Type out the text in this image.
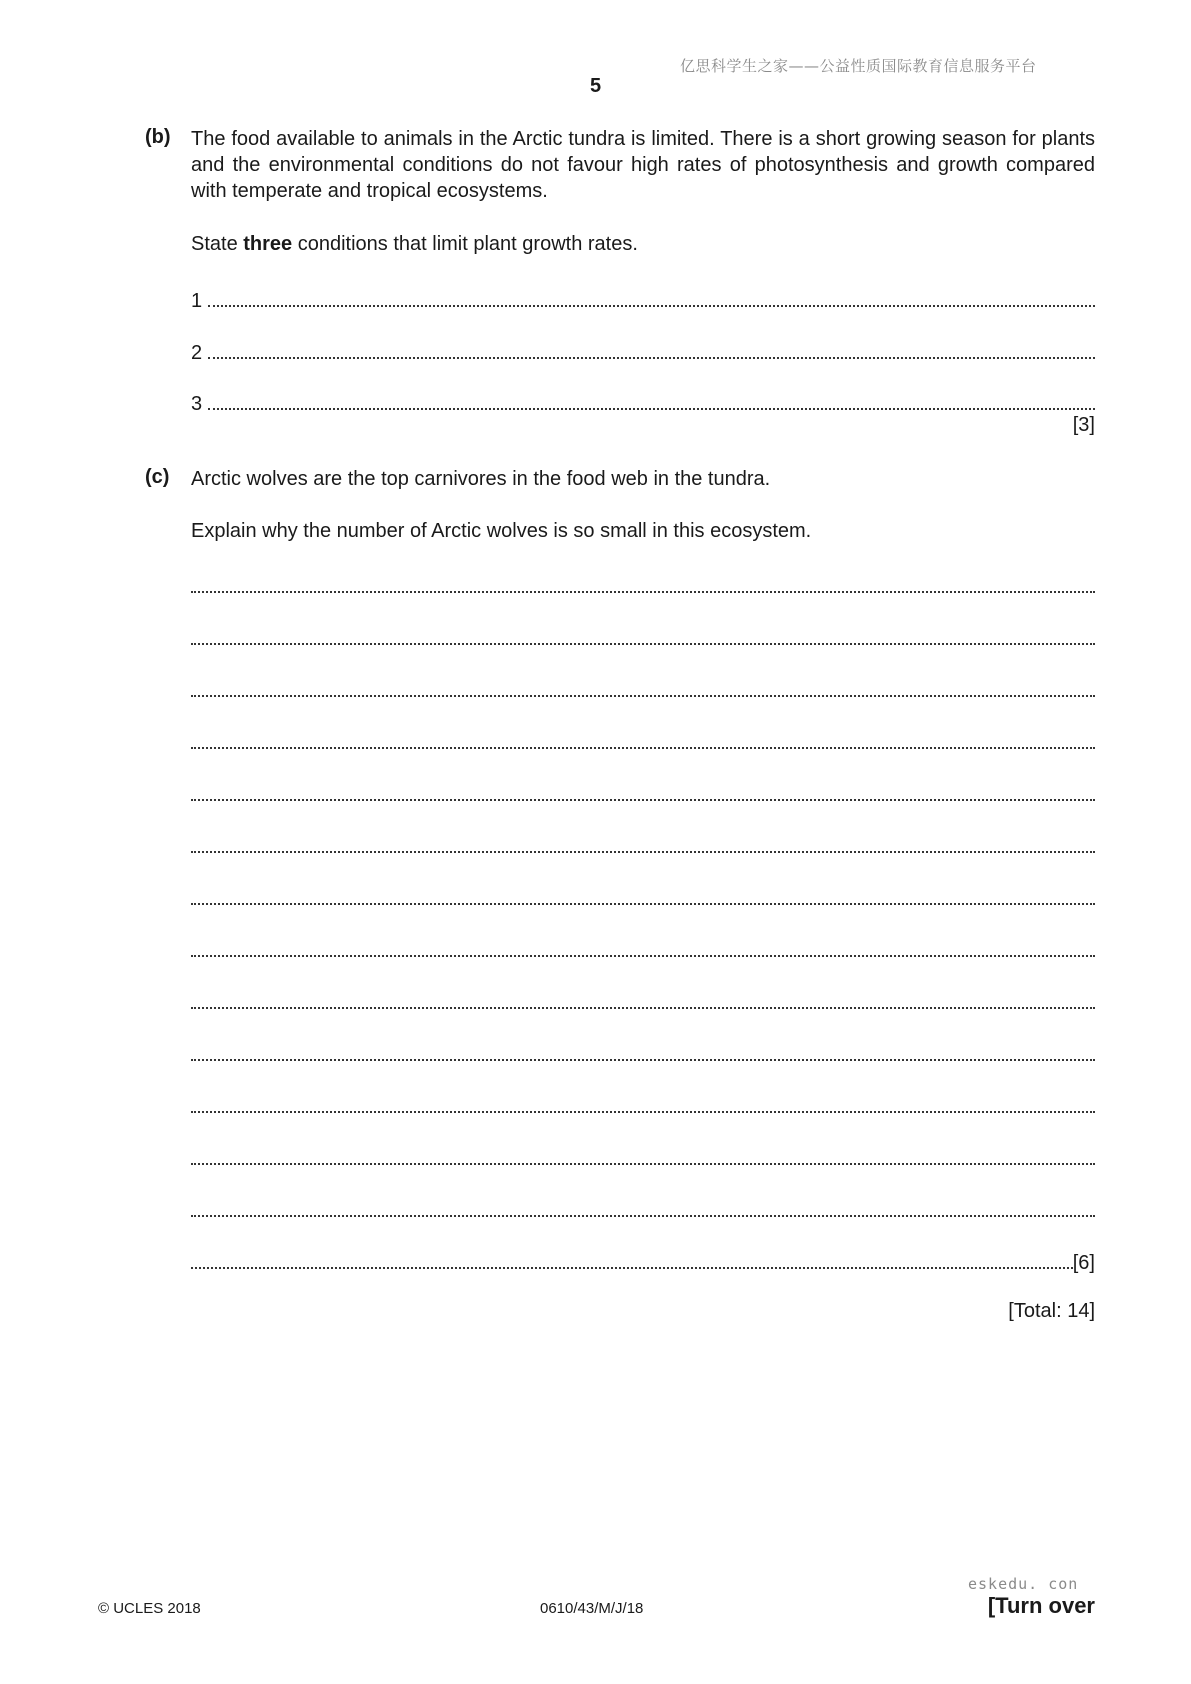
亿思科学生之家——公益性质国际教育信息服务平台
5
(b) The food available to animals in the Arctic tundra is limited. There is a short growing season for plants and the environmental conditions do not favour high rates of photosynthesis and growth compared with temperate and tropical ecosystems.
State three conditions that limit plant growth rates.
1
2
3
[3]
(c) Arctic wolves are the top carnivores in the food web in the tundra.
Explain why the number of Arctic wolves is so small in this ecosystem.
[6]
[Total: 14]
eskedu. con
© UCLES 2018	0610/43/M/J/18	[Turn over
